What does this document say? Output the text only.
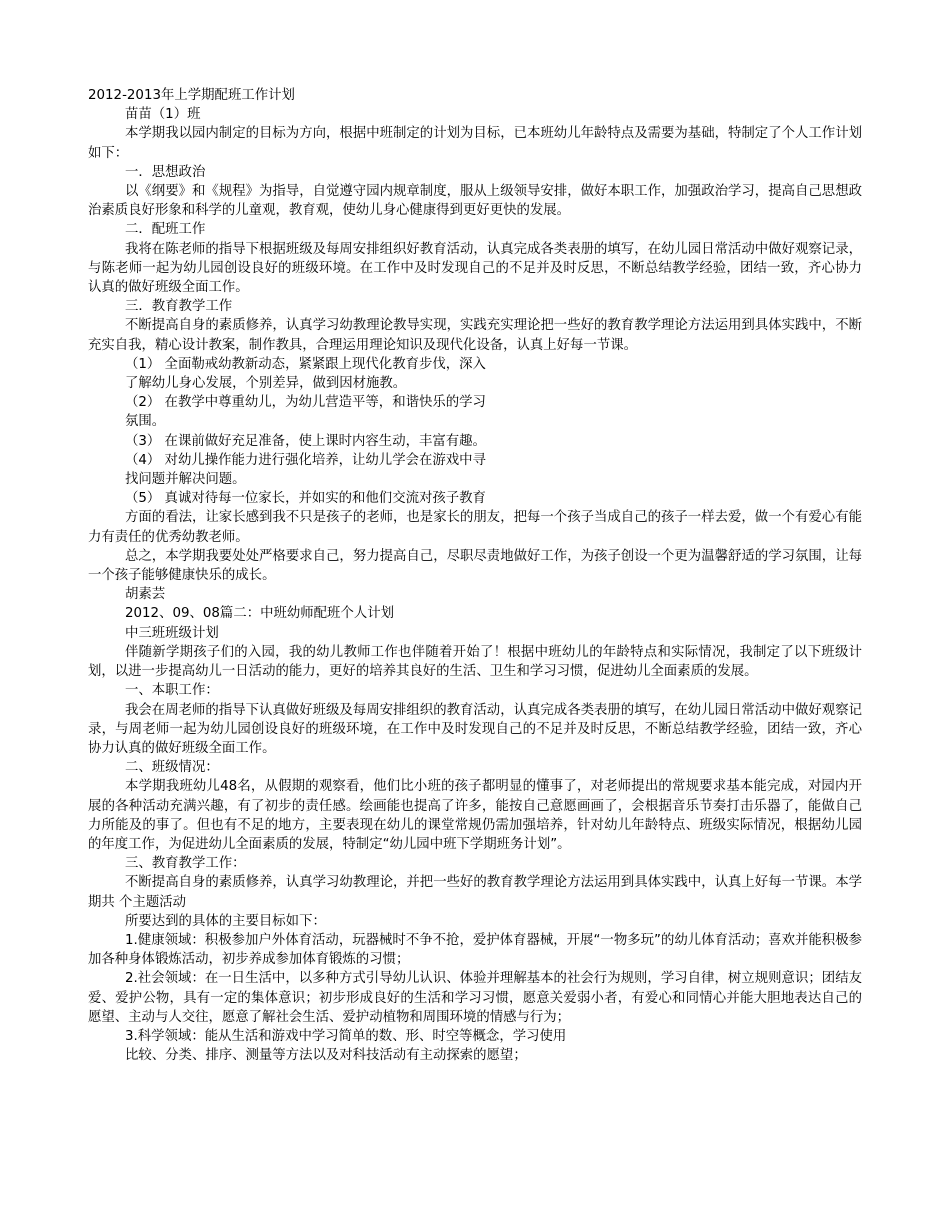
2012-2013年上学期配班工作计划

苗苗（1）班

本学期我以园内制定的目标为方向，根据中班制定的计划为目标，已本班幼儿年龄特点及需要为基础，特制定了个人工作计划如下：

一．思想政治

以《纲要》和《规程》为指导，自觉遵守园内规章制度，服从上级领导安排，做好本职工作，加强政治学习，提高自己思想政治素质良好形象和科学的儿童观，教育观，使幼儿身心健康得到更好更快的发展。

二．配班工作

我将在陈老师的指导下根据班级及每周安排组织好教育活动，认真完成各类表册的填写，在幼儿园日常活动中做好观察记录，与陈老师一起为幼儿园创设良好的班级环境。在工作中及时发现自己的不足并及时反思，不断总结教学经验，团结一致，齐心协力认真的做好班级全面工作。

三．教育教学工作

不断提高自身的素质修养，认真学习幼教理论教导实现，实践充实理论把一些好的教育教学理论方法运用到具体实践中，不断充实自我，精心设计教案，制作教具，合理运用理论知识及现代化设备，认真上好每一节课。

（1） 全面勒戒幼教新动态，紧紧跟上现代化教育步伐，深入

了解幼儿身心发展，个别差异，做到因材施教。

（2） 在教学中尊重幼儿，为幼儿营造平等，和谐快乐的学习

氛围。

（3） 在课前做好充足准备，使上课时内容生动，丰富有趣。

（4） 对幼儿操作能力进行强化培养，让幼儿学会在游戏中寻

找问题并解决问题。

（5） 真诚对待每一位家长，并如实的和他们交流对孩子教育

方面的看法，让家长感到我不只是孩子的老师，也是家长的朋友，把每一个孩子当成自己的孩子一样去爱，做一个有爱心有能力有责任的优秀幼教老师。

总之，本学期我要处处严格要求自己，努力提高自己，尽职尽责地做好工作，为孩子创设一个更为温馨舒适的学习氛围，让每一个孩子能够健康快乐的成长。

胡素芸

2012、09、08篇二：中班幼师配班个人计划

中三班班级计划

伴随新学期孩子们的入园，我的幼儿教师工作也伴随着开始了！根据中班幼儿的年龄特点和实际情况，我制定了以下班级计划，以进一步提高幼儿一日活动的能力，更好的培养其良好的生活、卫生和学习习惯，促进幼儿全面素质的发展。

一、本职工作：

我会在周老师的指导下认真做好班级及每周安排组织的教育活动，认真完成各类表册的填写，在幼儿园日常活动中做好观察记录，与周老师一起为幼儿园创设良好的班级环境，在工作中及时发现自己的不足并及时反思，不断总结教学经验，团结一致，齐心协力认真的做好班级全面工作。

二、班级情况：

本学期我班幼儿48名，从假期的观察看，他们比小班的孩子都明显的懂事了，对老师提出的常规要求基本能完成，对园内开展的各种活动充满兴趣，有了初步的责任感。绘画能也提高了许多，能按自己意愿画画了，会根据音乐节奏打击乐器了，能做自己力所能及的事了。但也有不足的地方，主要表现在幼儿的课堂常规仍需加强培养，针对幼儿年龄特点、班级实际情况，根据幼儿园的年度工作，为促进幼儿全面素质的发展，特制定“幼儿园中班下学期班务计划”。

三、教育教学工作：

不断提高自身的素质修养，认真学习幼教理论，并把一些好的教育教学理论方法运用到具体实践中，认真上好每一节课。本学期共 个主题活动

所要达到的具体的主要目标如下：

1.健康领域：积极参加户外体育活动，玩器械时不争不抢，爱护体育器械，开展“一物多玩”的幼儿体育活动；喜欢并能积极参加各种身体锻炼活动，初步养成参加体育锻炼的习惯；

2.社会领域：在一日生活中，以多种方式引导幼儿认识、体验并理解基本的社会行为规则，学习自律，树立规则意识；团结友爱、爱护公物，具有一定的集体意识；初步形成良好的生活和学习习惯，愿意关爱弱小者，有爱心和同情心并能大胆地表达自己的愿望、主动与人交往，愿意了解社会生活、爱护动植物和周围环境的情感与行为；

3.科学领域：能从生活和游戏中学习简单的数、形、时空等概念，学习使用

比较、分类、排序、测量等方法以及对科技活动有主动探索的愿望；
